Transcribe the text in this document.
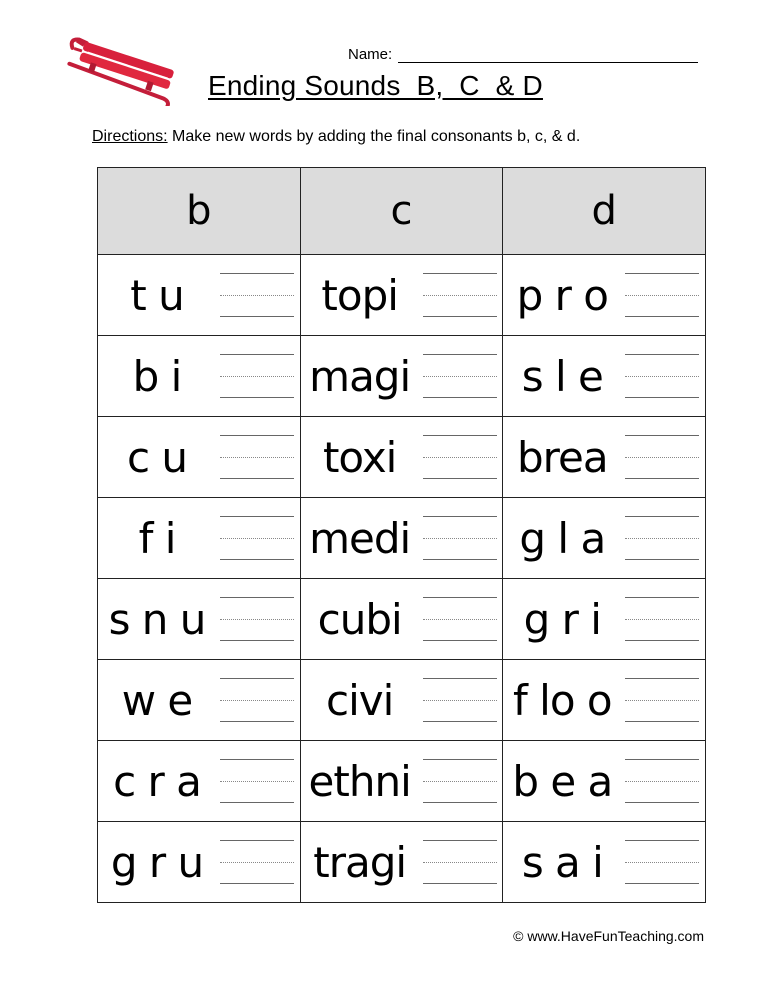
Name:
Ending Sounds  B,  C  & D
Directions: Make new words by adding the final consonants b, c, & d.
b	c	d

t u	topi	p r o

b i	magi	s l e

c u	toxi	brea

f i	medi	g l a

s n u	cubi	g r i

w e	civi	f lo o

c r a	ethni	b e a

g r u	tragi	s a i
© www.HaveFunTeaching.com
